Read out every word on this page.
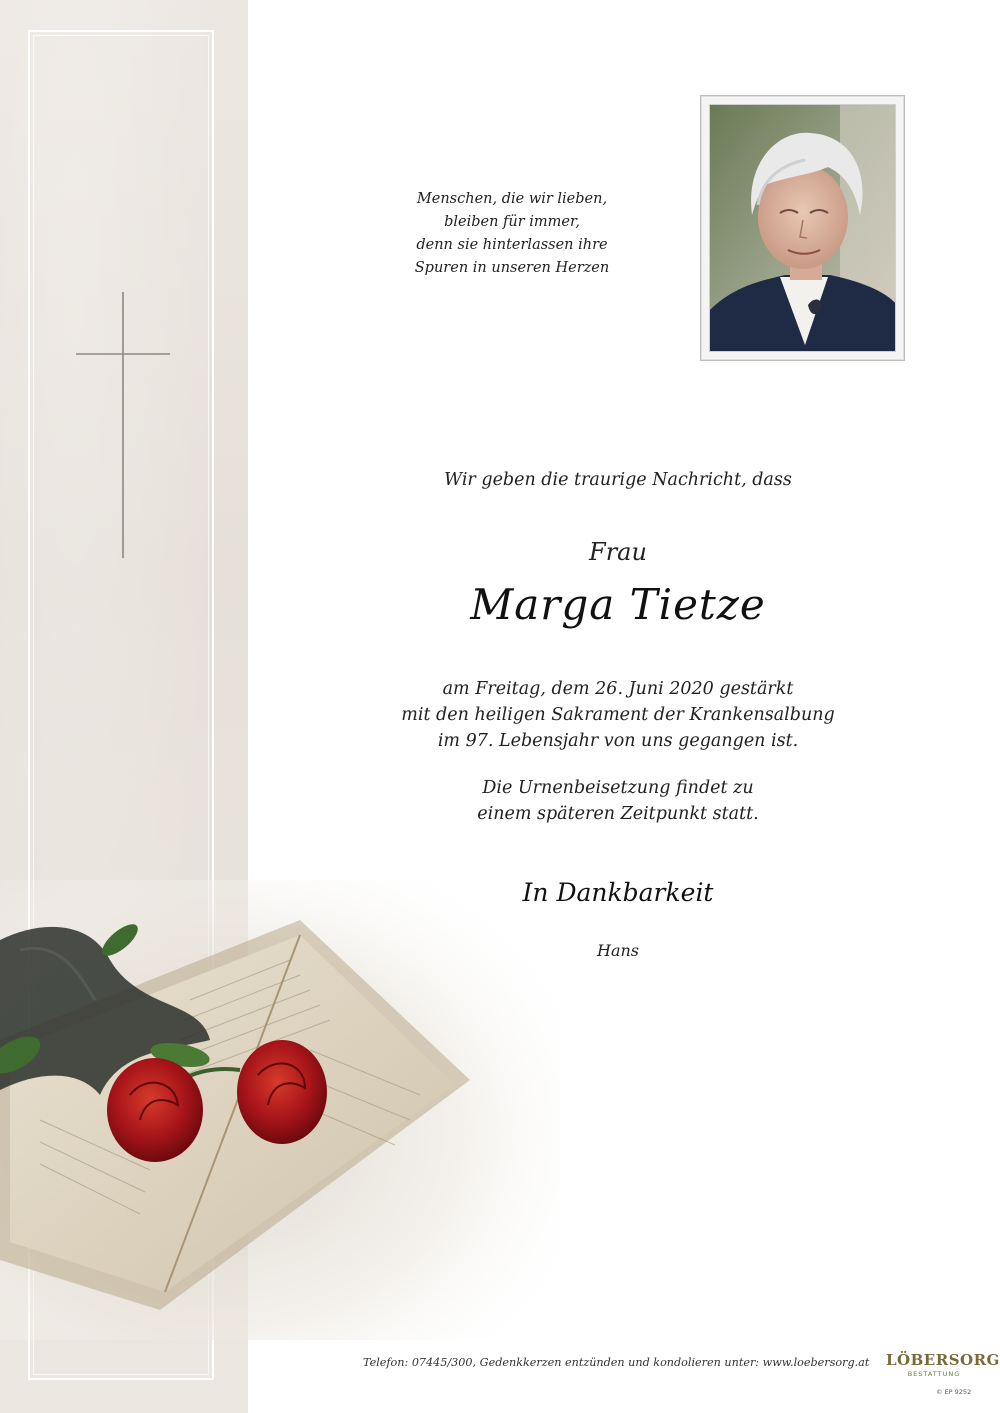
Menschen, die wir lieben,
bleiben für immer,
denn sie hinterlassen ihre
Spuren in unseren Herzen
Wir geben die traurige Nachricht, dass
Frau
Marga Tietze
am Freitag, dem 26. Juni 2020 gestärkt
mit den heiligen Sakrament der Krankensalbung
im 97. Lebensjahr von uns gegangen ist.
Die Urnenbeisetzung findet zu
einem späteren Zeitpunkt statt.
In Dankbarkeit
Hans
Telefon: 07445/300, Gedenkkerzen entzünden und kondolieren unter: www.loebersorg.at	LÖBERSORG
BESTATTUNG
© EP 9252
